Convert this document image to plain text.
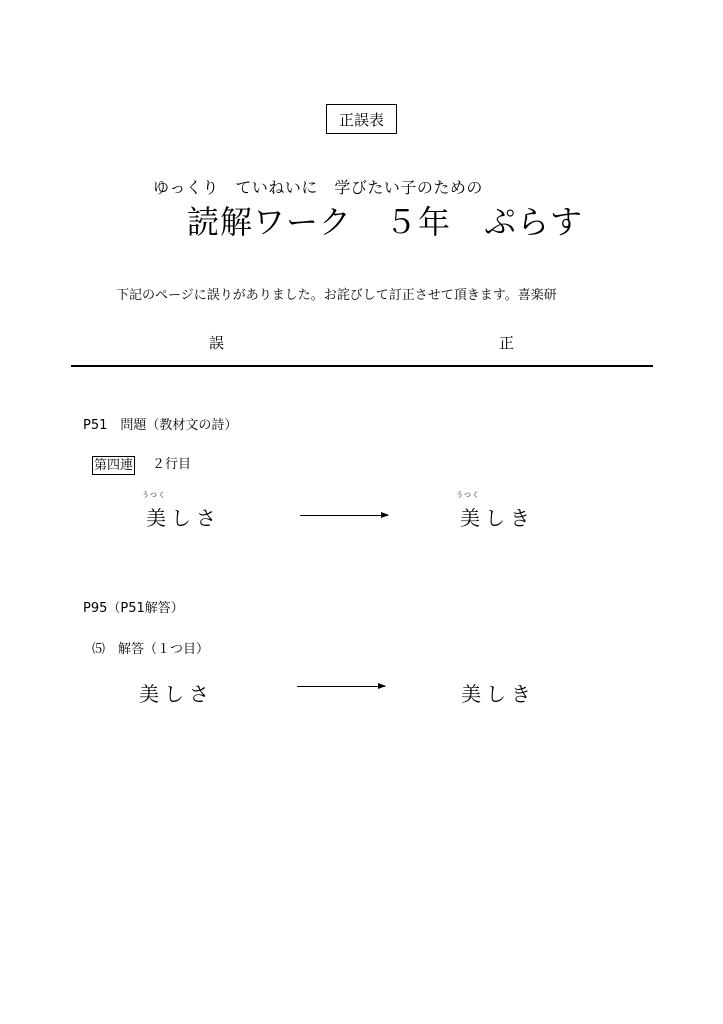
正誤表
ゆっくり　ていねいに　学びたい子のための
読解ワーク　５年　ぷらす
下記のページに誤りがありました。お詫びして訂正させて頂きます。喜楽研
誤	正
P51　問題（教材文の詩）
第四連 ２行目
うつく
美しさ
うつく
美しき
P95（P51解答）
⑸　解答（１つ目）
美しさ	美しき
